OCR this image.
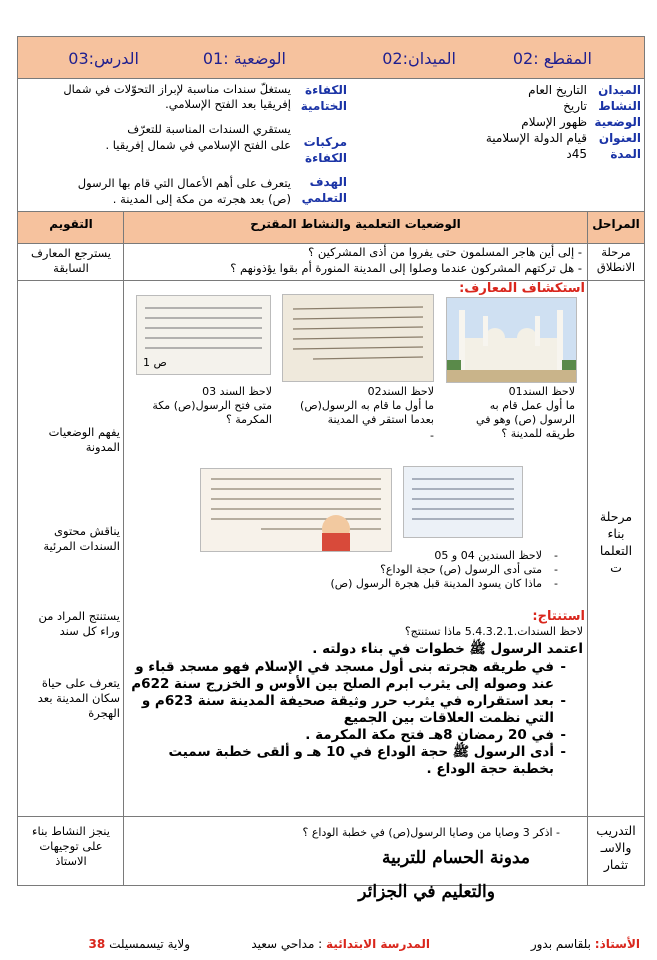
المقطع :02
الميدان:02
الوضعية :01
الدرس:03
الميدان
النشاط
الوضعية
العنوان
المدة
التاريخ العام
تاريخ
ظهور الإسلام
قيام الدولة الإسلامية
45د
الكفاءة
الختامية
مركبات
الكفاءة
الهدف
التعلمي
يستغلّ سندات مناسبة لإبراز التحوّلات في شمال إفريقيا بعد الفتح الإسلامي.
يستقري السندات المناسبة للتعرّف
على الفتح الإسلامي في شمال إفريقيا .
يتعرف على أهم الأعمال التي قام بها الرسول
(ص) بعد هجرته من مكة إلى المدينة .
المراحل
الوضعيات التعلمية والنشاط المقترح
التقويم
مرحلة الانطلاق
- إلى أين هاجر المسلمون حتى يفروا من أذى المشركين ؟
- هل تركتهم المشركون عندما وصلوا إلى المدينة المنورة أم بقوا يؤذونهم ؟
يسترجع المعارف السابقة
مرحلة
بناء
التعلما
ت
استكشاف المعارف:
ص 1
لاحظ السند01
ما أول عمل قام به الرسول (ص) وهو في طريقه للمدينة ؟
لاحظ السند02
ما أول ما قام به الرسول(ص) بعدما استقر في المدينة
-
لاحظ السند 03
متى فتح الرسول(ص) مكة المكرمة ؟
- لاحظ السندين 04 و 05
- متى أدى الرسول (ص) حجة الوداع؟
- ماذا كان يسود المدينة قبل هجرة الرسول (ص)
استنتاج:
لاحظ السندات.5.4.3.2.1 ماذا تستنتج؟
اعتمد الرسول ﷺ خطوات في بناء دولته .
- في طريقه هجرته بنى أول مسجد في الإسلام فهو مسجد قباء و عند وصوله إلى يثرب ابرم الصلح بين الأوس و الخزرج سنة 622م
- بعد استقراره في يثرب حرر وثيقة صحيفة المدينة سنة 623م و التي نظمت العلاقات بين الجميع
- في 20 رمضان 8هـ فتح مكة المكرمة .
- أدى الرسول ﷺ حجة الوداع في 10 هـ و ألقى خطبة سميت بخطبة حجة الوداع .
يفهم الوضعيات المدونة
يناقش محتوى السندات المرئية
يستنتج المراد من وراء كل سند
يتعرف على حياة سكان المدينة بعد الهجرة
التدريب
والاسـ
تثمار
- اذكر 3 وصايا من وصايا الرسول(ص) في خطبة الوداع ؟
مدونة الحسام للتربية
والتعليم في الجزائر
ينجز النشاط بناء على توجيهات الاستاذ
الأستاذ: بلقاسم بدور
المدرسة الابتدائية : مداحي سعيد
ولاية تيسمسيلت 38
